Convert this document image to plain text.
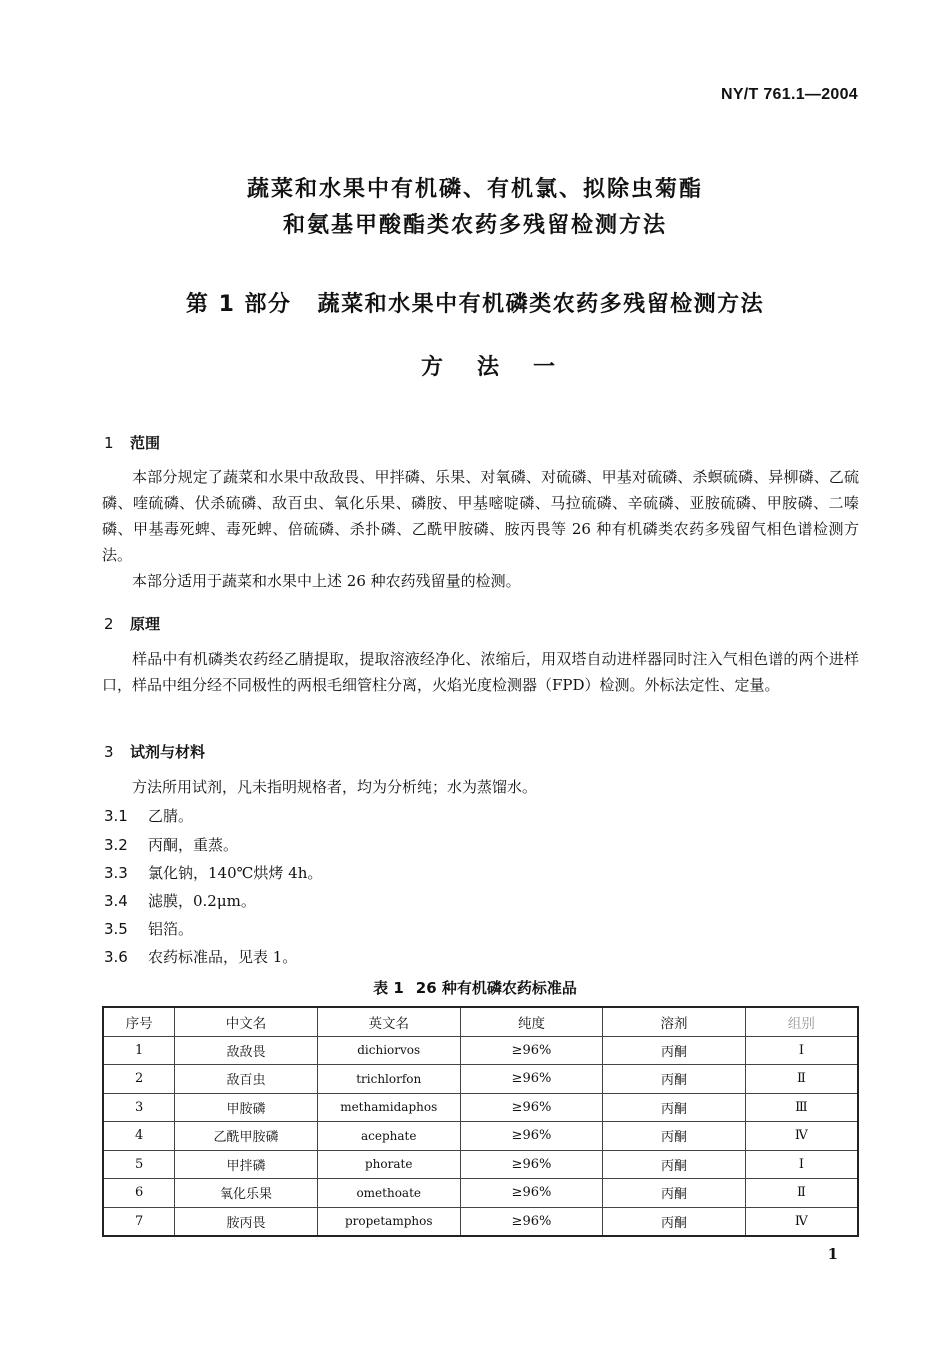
NY/T 761.1—2004
蔬菜和水果中有机磷、有机氯、拟除虫菊酯
和氨基甲酸酯类农药多残留检测方法
第 1 部分 蔬菜和水果中有机磷类农药多残留检测方法
方法一
1 范围
本部分规定了蔬菜和水果中敌敌畏、甲拌磷、乐果、对氧磷、对硫磷、甲基对硫磷、杀螟硫磷、异柳磷、乙硫磷、喹硫磷、伏杀硫磷、敌百虫、氧化乐果、磷胺、甲基嘧啶磷、马拉硫磷、辛硫磷、亚胺硫磷、甲胺磷、二嗪磷、甲基毒死蜱、毒死蜱、倍硫磷、杀扑磷、乙酰甲胺磷、胺丙畏等 26 种有机磷类农药多残留气相色谱检测方法。
本部分适用于蔬菜和水果中上述 26 种农药残留量的检测。
2 原理
样品中有机磷类农药经乙腈提取，提取溶液经净化、浓缩后，用双塔自动进样器同时注入气相色谱的两个进样口，样品中组分经不同极性的两根毛细管柱分离，火焰光度检测器（FPD）检测。外标法定性、定量。
3 试剂与材料
方法所用试剂，凡未指明规格者，均为分析纯；水为蒸馏水。
3.1 乙腈。
3.2 丙酮，重蒸。
3.3 氯化钠，140℃烘烤 4h。
3.4 滤膜，0.2μm。
3.5 铝箔。
3.6 农药标准品，见表 1。
表 1 26 种有机磷农药标准品
序号	中文名	英文名	纯度	溶剂	组别
1	敌敌畏	dichiorvos	≥96%	丙酮	Ⅰ
2	敌百虫	trichlorfon	≥96%	丙酮	Ⅱ
3	甲胺磷	methamidaphos	≥96%	丙酮	Ⅲ
4	乙酰甲胺磷	acephate	≥96%	丙酮	Ⅳ
5	甲拌磷	phorate	≥96%	丙酮	Ⅰ
6	氧化乐果	omethoate	≥96%	丙酮	Ⅱ
7	胺丙畏	propetamphos	≥96%	丙酮	Ⅳ
1
